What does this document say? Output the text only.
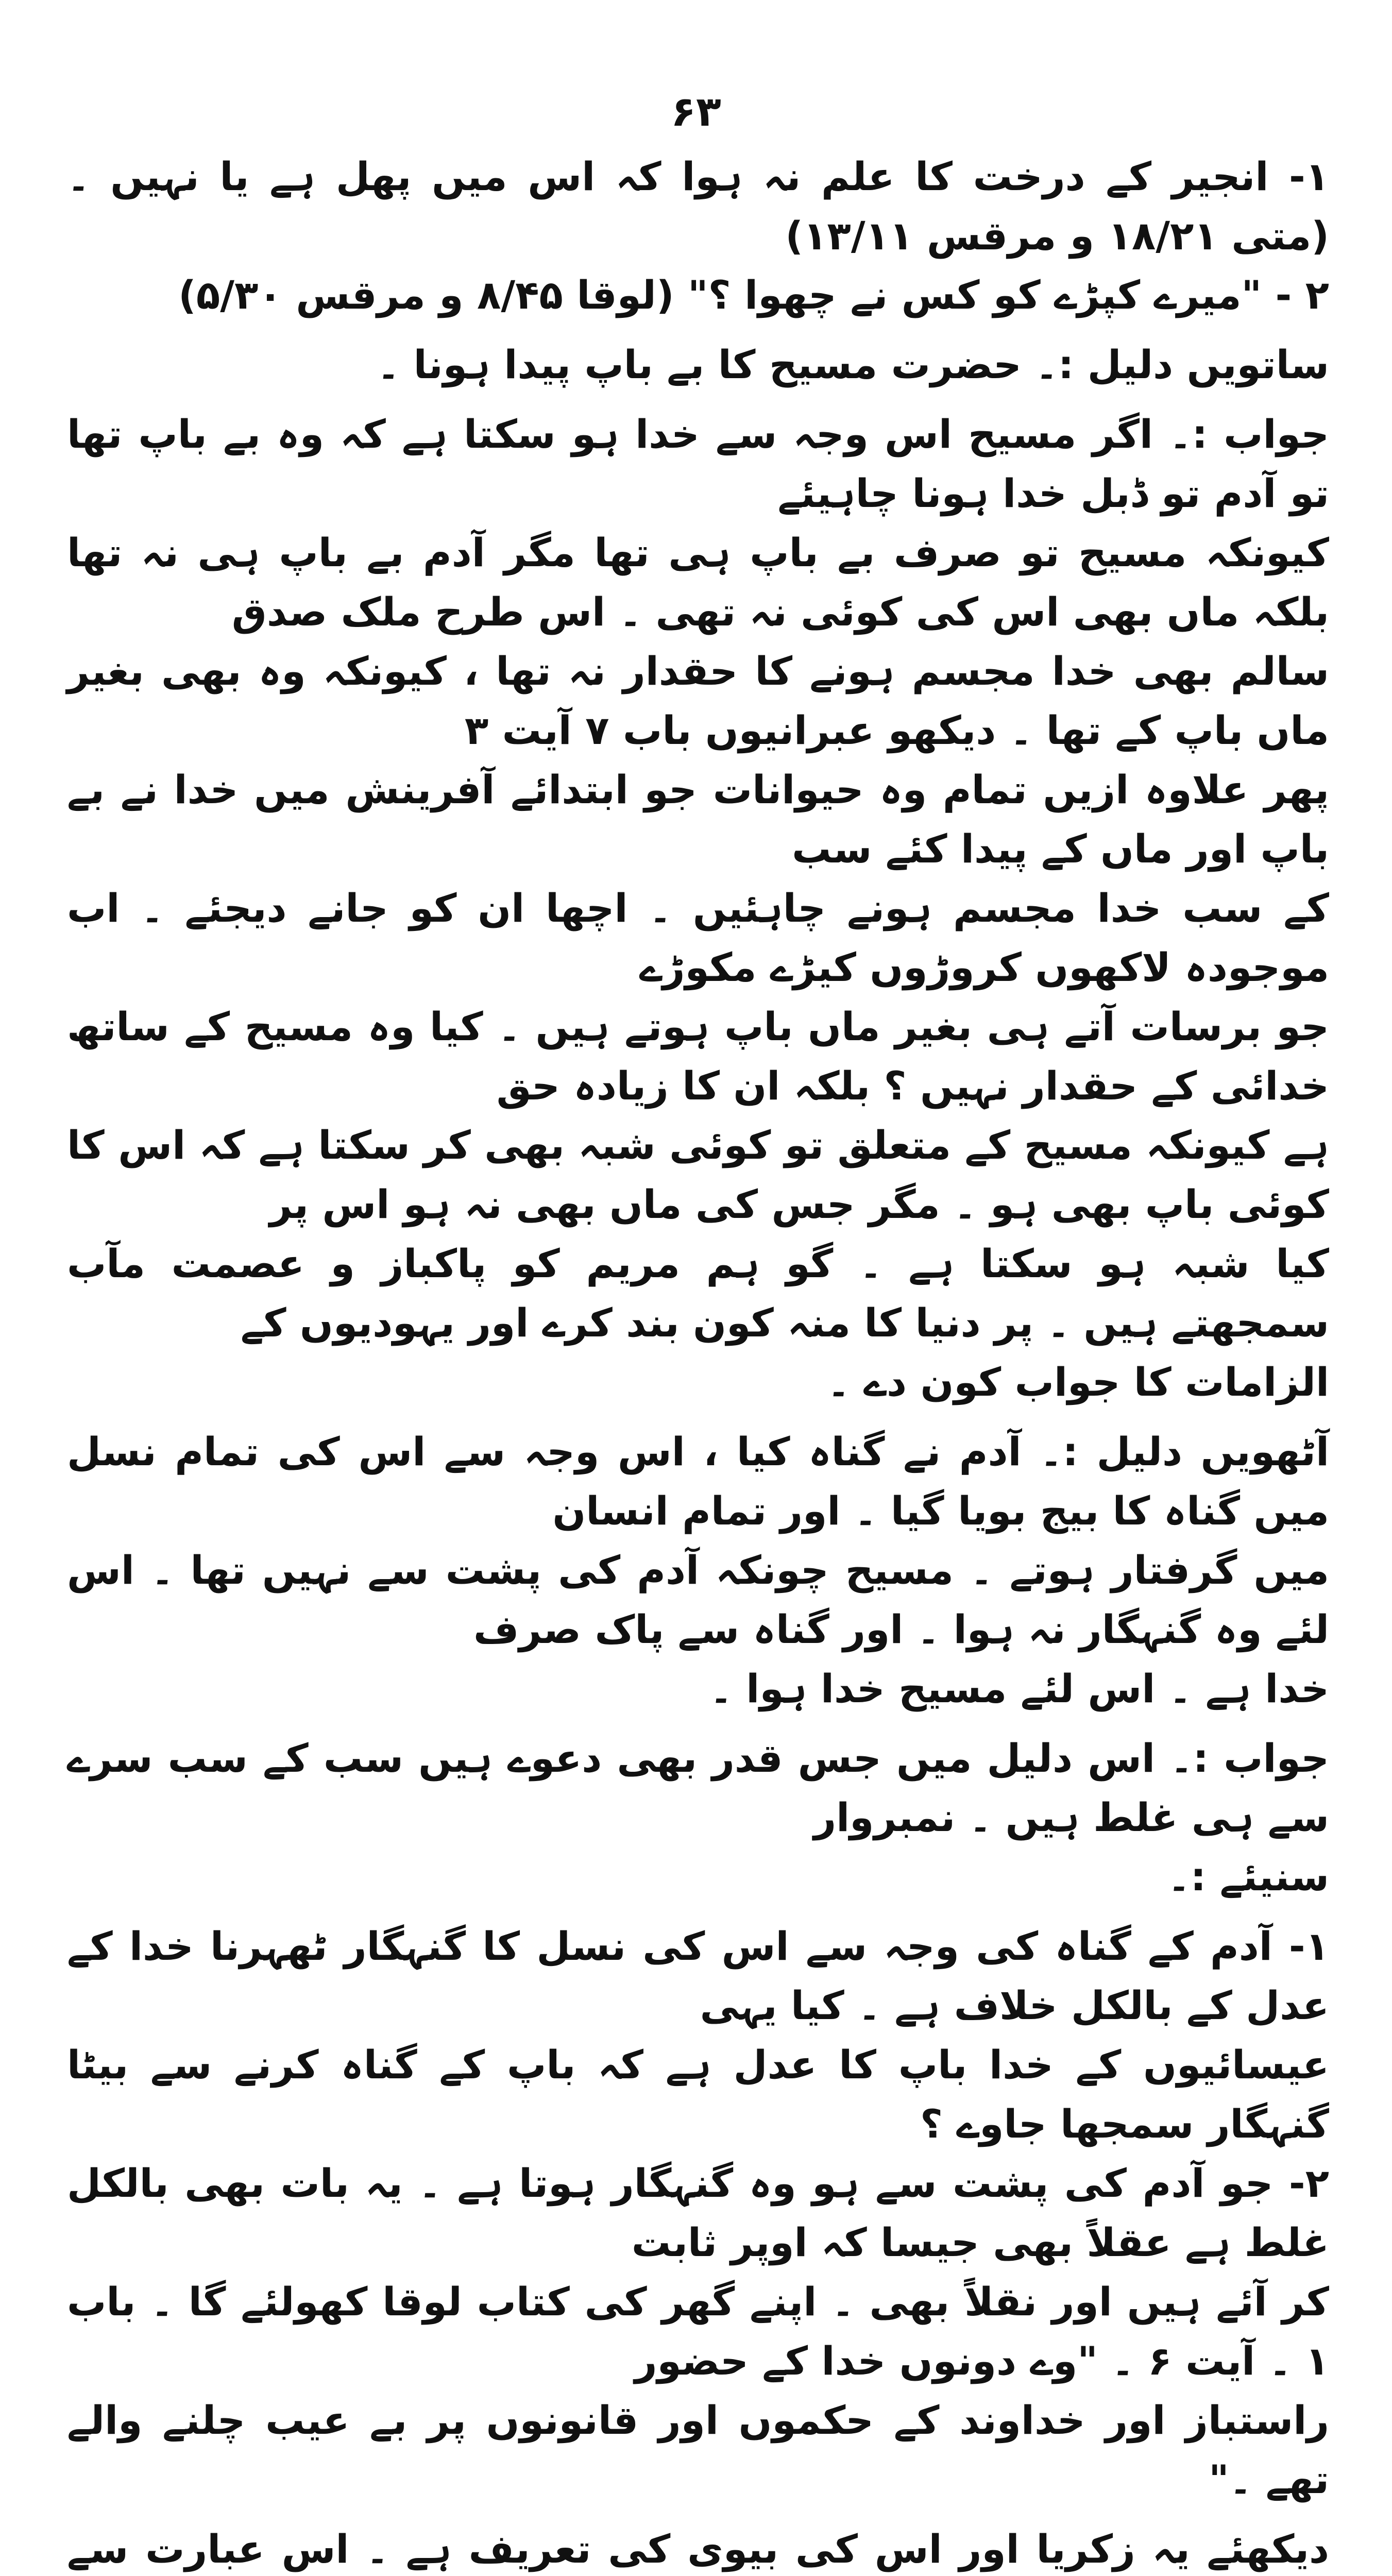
۶۳

۱- انجیر کے درخت کا علم نہ ہوا کہ اس میں پھل ہے یا نہیں ۔ (متی ۱۸/۲۱ و مرقس ۱۳/۱۱)

۲ - "میرے کپڑے کو کس نے چھوا ؟" (لوقا ۸/۴۵ و مرقس ۵/۳۰)

ساتویں دلیل :۔ حضرت مسیح کا بے باپ پیدا ہونا ۔

جواب :۔ اگر مسیح اس وجہ سے خدا ہو سکتا ہے کہ وہ بے باپ تھا تو آدم تو ڈبل خدا ہونا چاہیئے

کیونکہ مسیح تو صرف بے باپ ہی تھا مگر آدم بے باپ ہی نہ تھا بلکہ ماں بھی اس کی کوئی نہ تھی ۔ اس طرح ملک صدق

سالم بھی خدا مجسم ہونے کا حقدار نہ تھا ، کیونکہ وہ بھی بغیر ماں باپ کے تھا ۔ دیکھو عبرانیوں باب ۷ آیت ۳

پھر علاوہ ازیں تمام وہ حیوانات جو ابتدائے آفرینش میں خدا نے بے باپ اور ماں کے پیدا کئے سب

کے سب خدا مجسم ہونے چاہئیں ۔ اچھا ان کو جانے دیجئے ۔ اب موجودہ لاکھوں کروڑوں کیڑے مکوڑے

جو برسات آتے ہی بغیر ماں باپ ہوتے ہیں ۔ کیا وہ مسیح کے ساتھ خدائی کے حقدار نہیں ؟ بلکہ ان کا زیادہ حق

ہے کیونکہ مسیح کے متعلق تو کوئی شبہ بھی کر سکتا ہے کہ اس کا کوئی باپ بھی ہو ۔ مگر جس کی ماں بھی نہ ہو اس پر

کیا شبہ ہو سکتا ہے ۔ گو ہم مریم کو پاکباز و عصمت مآب سمجھتے ہیں ۔ پر دنیا کا منہ کون بند کرے اور یہودیوں کے

الزامات کا جواب کون دے ۔

آٹھویں دلیل :۔ آدم نے گناہ کیا ، اس وجہ سے اس کی تمام نسل میں گناہ کا بیج بویا گیا ۔ اور تمام انسان

میں گرفتار ہوتے ۔ مسیح چونکہ آدم کی پشت سے نہیں تھا ۔ اس لئے وہ گنہگار نہ ہوا ۔ اور گناہ سے پاک صرف

خدا ہے ۔ اس لئے مسیح خدا ہوا ۔

جواب :۔ اس دلیل میں جس قدر بھی دعوے ہیں سب کے سب سرے سے ہی غلط ہیں ۔ نمبروار

سنیئے :۔

۱- آدم کے گناہ کی وجہ سے اس کی نسل کا گنہگار ٹھہرنا خدا کے عدل کے بالکل خلاف ہے ۔ کیا یہی

عیسائیوں کے خدا باپ کا عدل ہے کہ باپ کے گناہ کرنے سے بیٹا گنہگار سمجھا جاوے ؟

۲- جو آدم کی پشت سے ہو وہ گنہگار ہوتا ہے ۔ یہ بات بھی بالکل غلط ہے عقلاً بھی جیسا کہ اوپر ثابت

کر آئے ہیں اور نقلاً بھی ۔ اپنے گھر کی کتاب لوقا کھولئے گا ۔ باب ۱ ۔ آیت ۶ ۔ "وے دونوں خدا کے حضور

راستباز اور خداوند کے حکموں اور قانونوں پر بے عیب چلنے والے تھے ۔"

دیکھئے یہ زکریا اور اس کی بیوی کی تعریف ہے ۔ اس عبارت سے
